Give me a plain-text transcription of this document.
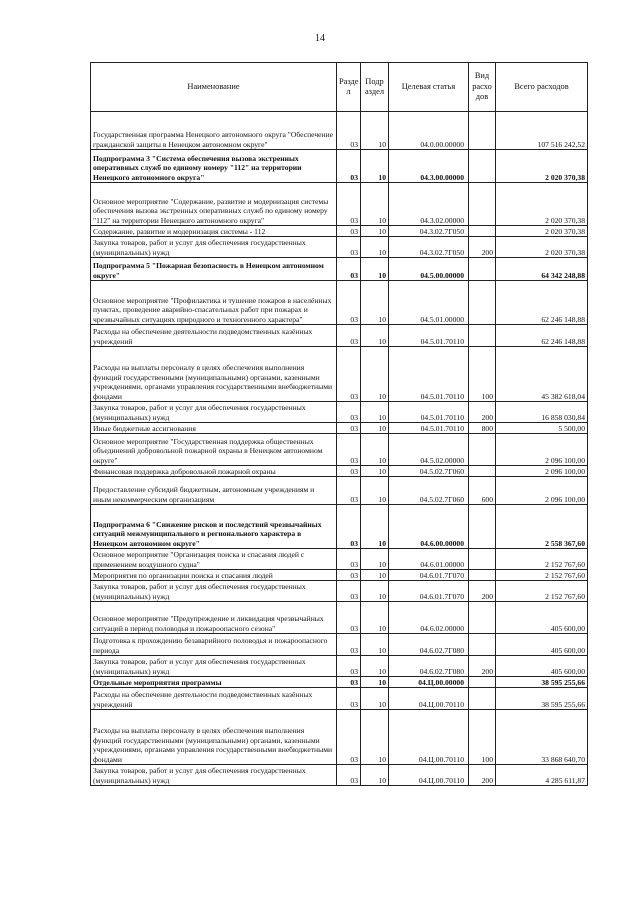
14
Наименование	Разде л	Подр аздел	Целевая статья	Вид расхо дов	Всего расходов
Государственная программа Ненецкого автономного округа "Обеспечение гражданской защиты в Ненецком автономном округе"	03	10	04.0.00.00000		107 516 242,52
Подпрограмма 3 "Система обеспечения вызова экстренных оперативных служб по единому номеру "112" на территории Ненецкого автономного округа"	03	10	04.3.00.00000		2 020 370,38
Основное мероприятие "Содержание, развитие и модернизация системы обеспечения вызова экстренных оперативных служб по единому номеру "112" на территории Ненецкого автономного округа"	03	10	04.3.02.00000		2 020 370,38
Содержание, развитие и модернизация системы - 112	03	10	04.3.02.7Г050		2 020 370,38
Закупка товаров, работ и услуг для обеспечения государственных (муниципальных) нужд	03	10	04.3.02.7Г050	200	2 020 370,38
Подпрограмма 5 "Пожарная безопасность в Ненецком автономном округе"	03	10	04.5.00.00000		64 342 248,88
Основное мероприятие "Профилактика и тушение пожаров в населённых пунктах, проведение аварийно-спасательных работ при пожарах и чрезвычайных ситуациях природного и техногенного характера"	03	10	04.5.01.00000		62 246 148,88
Расходы на обеспечение деятельности подведомственных казённых учреждений	03	10	04.5.01.70110		62 246 148,88
Расходы на выплаты персоналу в целях обеспечения выполнения функций государственными (муниципальными) органами, казенными учреждениями, органами управления государственными внебюджетными фондами	03	10	04.5.01.70110	100	45 382 618,04
Закупка товаров, работ и услуг для обеспечения государственных (муниципальных) нужд	03	10	04.5.01.70110	200	16 858 030,84
Иные бюджетные ассигнования	03	10	04.5.01.70110	800	5 500,00
Основное мероприятие "Государственная поддержка общественных объединений добровольной пожарной охраны в Ненецком автономном округе"	03	10	04.5.02.00000		2 096 100,00
Финансовая поддержка добровольной пожарной охраны	03	10	04.5.02.7Г060		2 096 100,00
Предоставление субсидий бюджетным, автономным учреждениям и иным некоммерческим организациям	03	10	04.5.02.7Г060	600	2 096 100,00
Подпрограмма 6 "Снижение рисков и последствий чрезвычайных ситуаций межмуниципального и регионального характера в Ненецком автономном округе"	03	10	04.6.00.00000		2 558 367,60
Основное мероприятие "Организация поиска и спасания людей с применением воздушного судна"	03	10	04.6.01.00000		2 152 767,60
Мероприятия по организации поиска и спасания людей	03	10	04.6.01.7Г070		2 152 767,60
Закупка товаров, работ и услуг для обеспечения государственных (муниципальных) нужд	03	10	04.6.01.7Г070	200	2 152 767,60
Основное мероприятие "Предупреждение и ликвидация чрезвычайных ситуаций в период половодья и пожароопасного сезона"	03	10	04.6.02.00000		405 600,00
Подготовка к прохождению безаварийного половодья и пожароопасного периода	03	10	04.6.02.7Г080		405 600,00
Закупка товаров, работ и услуг для обеспечения государственных (муниципальных) нужд	03	10	04.6.02.7Г080	200	405 600,00
Отдельные мероприятия программы	03	10	04.Ц.00.00000		38 595 255,66
Расходы на обеспечение деятельности подведомственных казённых учреждений	03	10	04.Ц.00.70110		38 595 255,66
Расходы на выплаты персоналу в целях обеспечения выполнения функций государственными (муниципальными) органами, казенными учреждениями, органами управления государственными внебюджетными фондами	03	10	04.Ц.00.70110	100	33 868 640,70
Закупка товаров, работ и услуг для обеспечения государственных (муниципальных) нужд	03	10	04.Ц.00.70110	200	4 285 611,87
